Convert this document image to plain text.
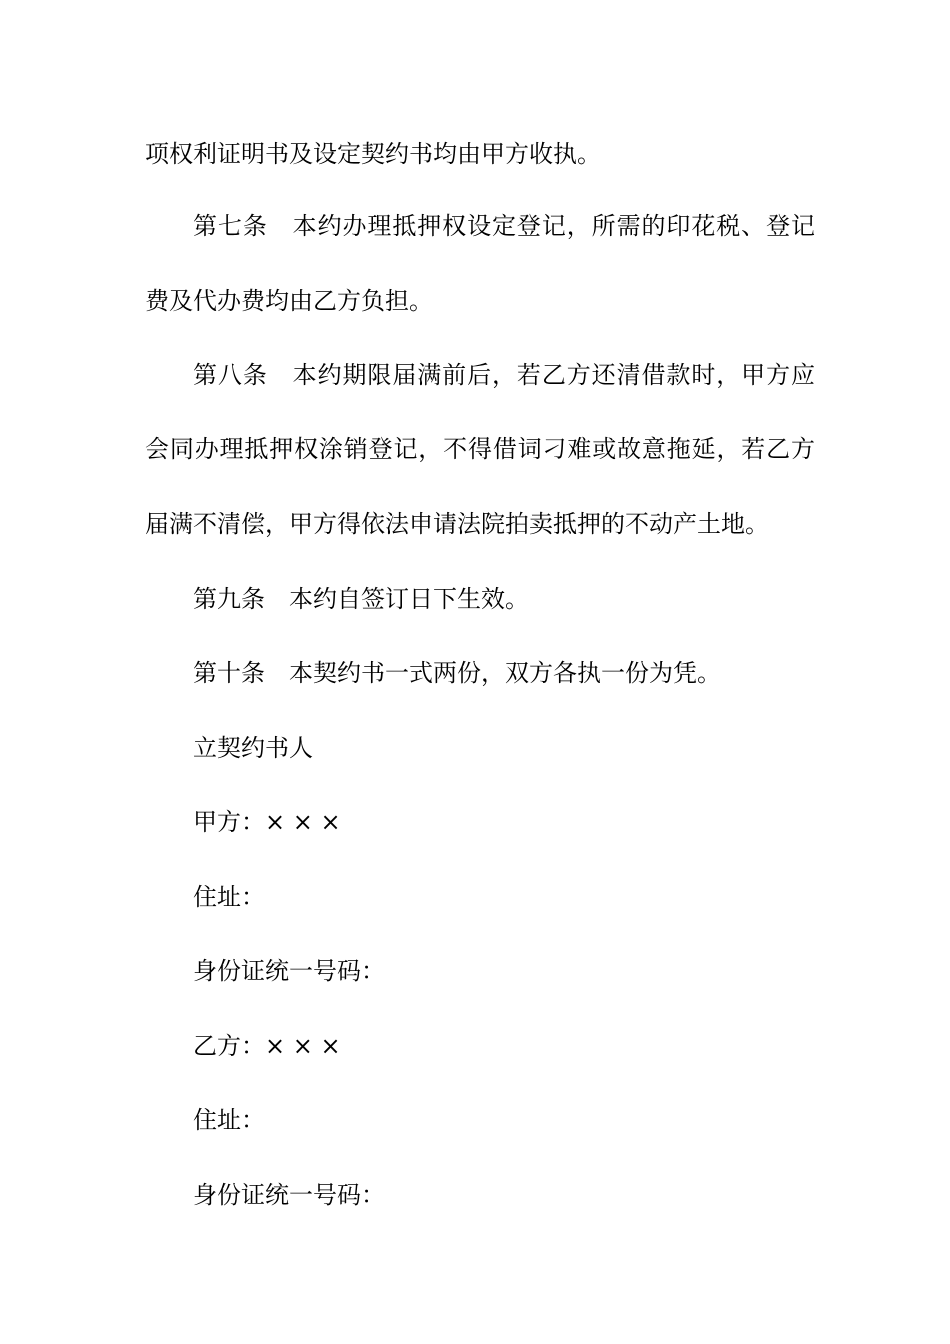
项权利证明书及设定契约书均由甲方收执。
第七条　本约办理抵押权设定登记，所需的印花税、登记
费及代办费均由乙方负担。
第八条　本约期限届满前后，若乙方还清借款时，甲方应
会同办理抵押权涂销登记，不得借词刁难或故意拖延，若乙方
届满不清偿，甲方得依法申请法院拍卖抵押的不动产土地。
第九条　本约自签订日下生效。
第十条　本契约书一式两份，双方各执一份为凭。
立契约书人
甲方：× × ×
住址：
身份证统一号码：
乙方：× × ×
住址：
身份证统一号码：
